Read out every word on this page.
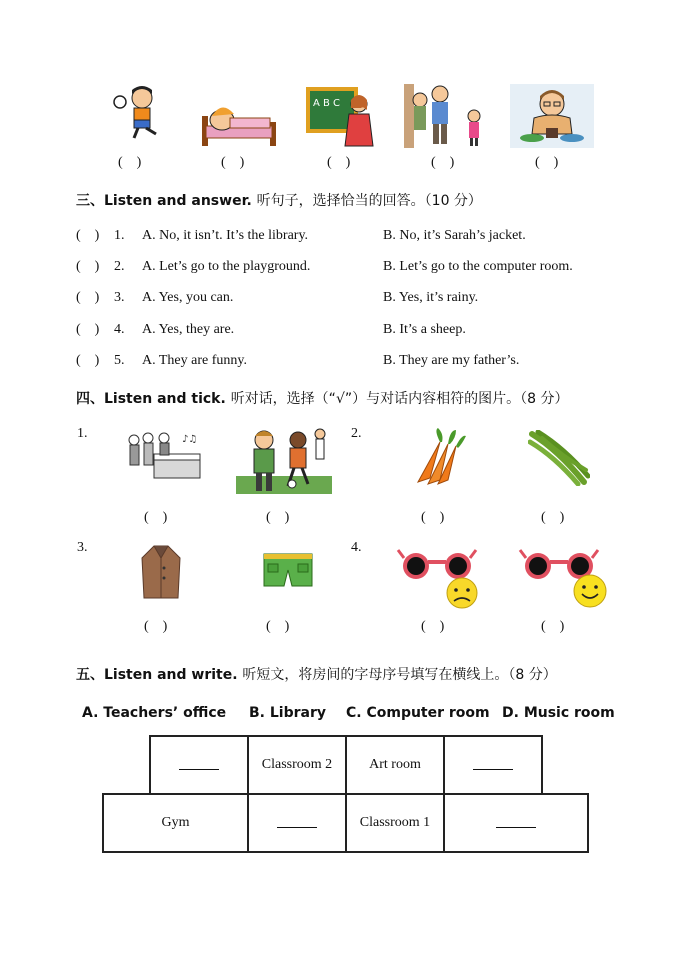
A B C
(    )	(    )	(    )	(    )	(    )
三、Listen and answer. 听句子，选择恰当的回答。（10 分）
(    ) 1. A. No, it isn’t. It’s the library.	B. No, it’s Sarah’s jacket.
(    ) 2. A. Let’s go to the playground.	B. Let’s go to the computer room.
(    ) 3. A. Yes, you can.	B. Yes, it’s rainy.
(    ) 4. A. Yes, they are.	B. It’s a sheep.
(    ) 5. A. They are funny.	B. They are my father’s.
四、Listen and tick. 听对话，选择（“√”）与对话内容相符的图片。（8 分）
1.	2.
3.	4.
♪♫
(    )	(    )	(    )	(    )
(    )	(    )	(    )	(    )
五、Listen and write. 听短文，将房间的字母序号填写在横线上。（8 分）
A. Teachers’ office B. Library C. Computer room D. Music room
	Classroom 2	Art room	
Gym		Classroom 1	
